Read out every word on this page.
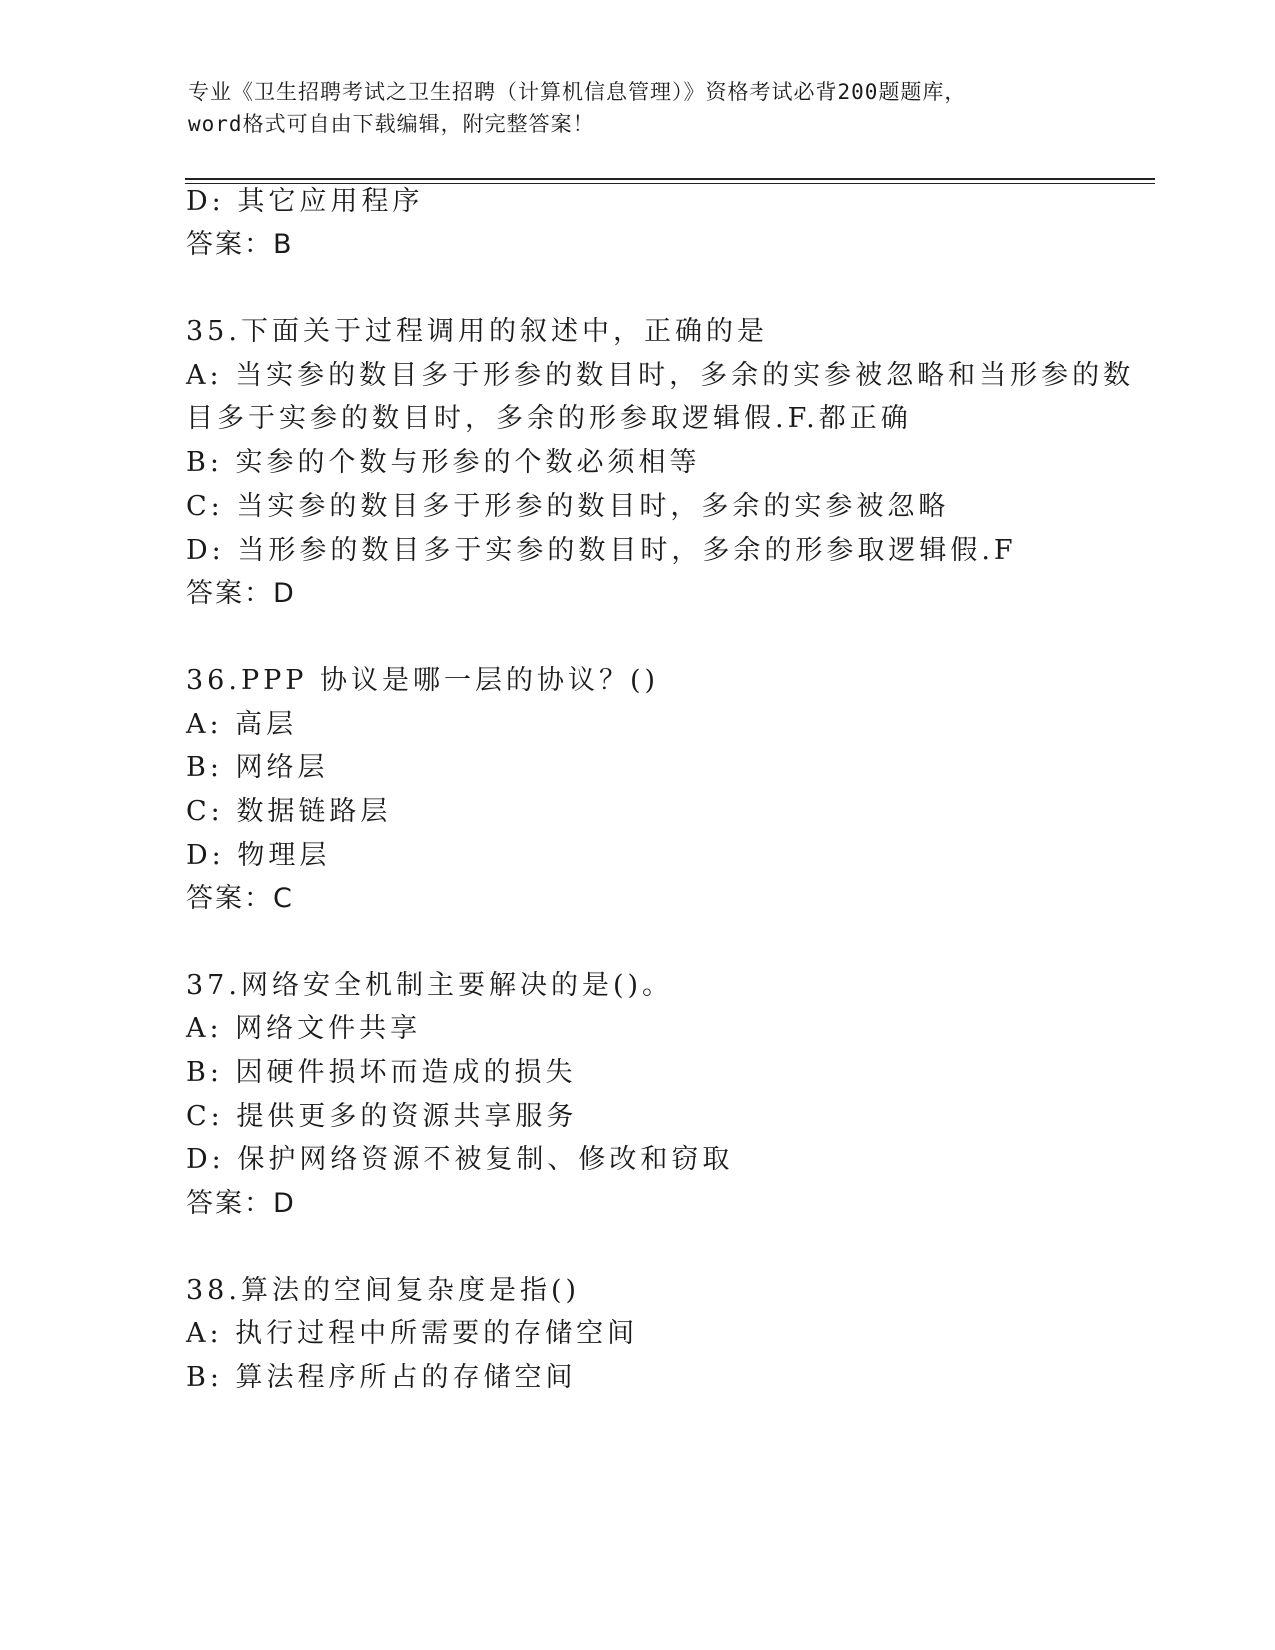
专业《卫生招聘考试之卫生招聘（计算机信息管理）》资格考试必背200题题库，
word格式可自由下载编辑，附完整答案！
D: 其它应用程序
答案：B
35.下面关于过程调用的叙述中，正确的是
A: 当实参的数目多于形参的数目时，多余的实参被忽略和当形参的数
目多于实参的数目时，多余的形参取逻辑假.F.都正确
B: 实参的个数与形参的个数必须相等
C: 当实参的数目多于形参的数目时，多余的实参被忽略
D: 当形参的数目多于实参的数目时，多余的形参取逻辑假.F
答案：D
36.PPP 协议是哪一层的协议？()
A: 高层
B: 网络层
C: 数据链路层
D: 物理层
答案：C
37.网络安全机制主要解决的是()。
A: 网络文件共享
B: 因硬件损坏而造成的损失
C: 提供更多的资源共享服务
D: 保护网络资源不被复制、修改和窃取
答案：D
38.算法的空间复杂度是指()
A: 执行过程中所需要的存储空间
B: 算法程序所占的存储空间
